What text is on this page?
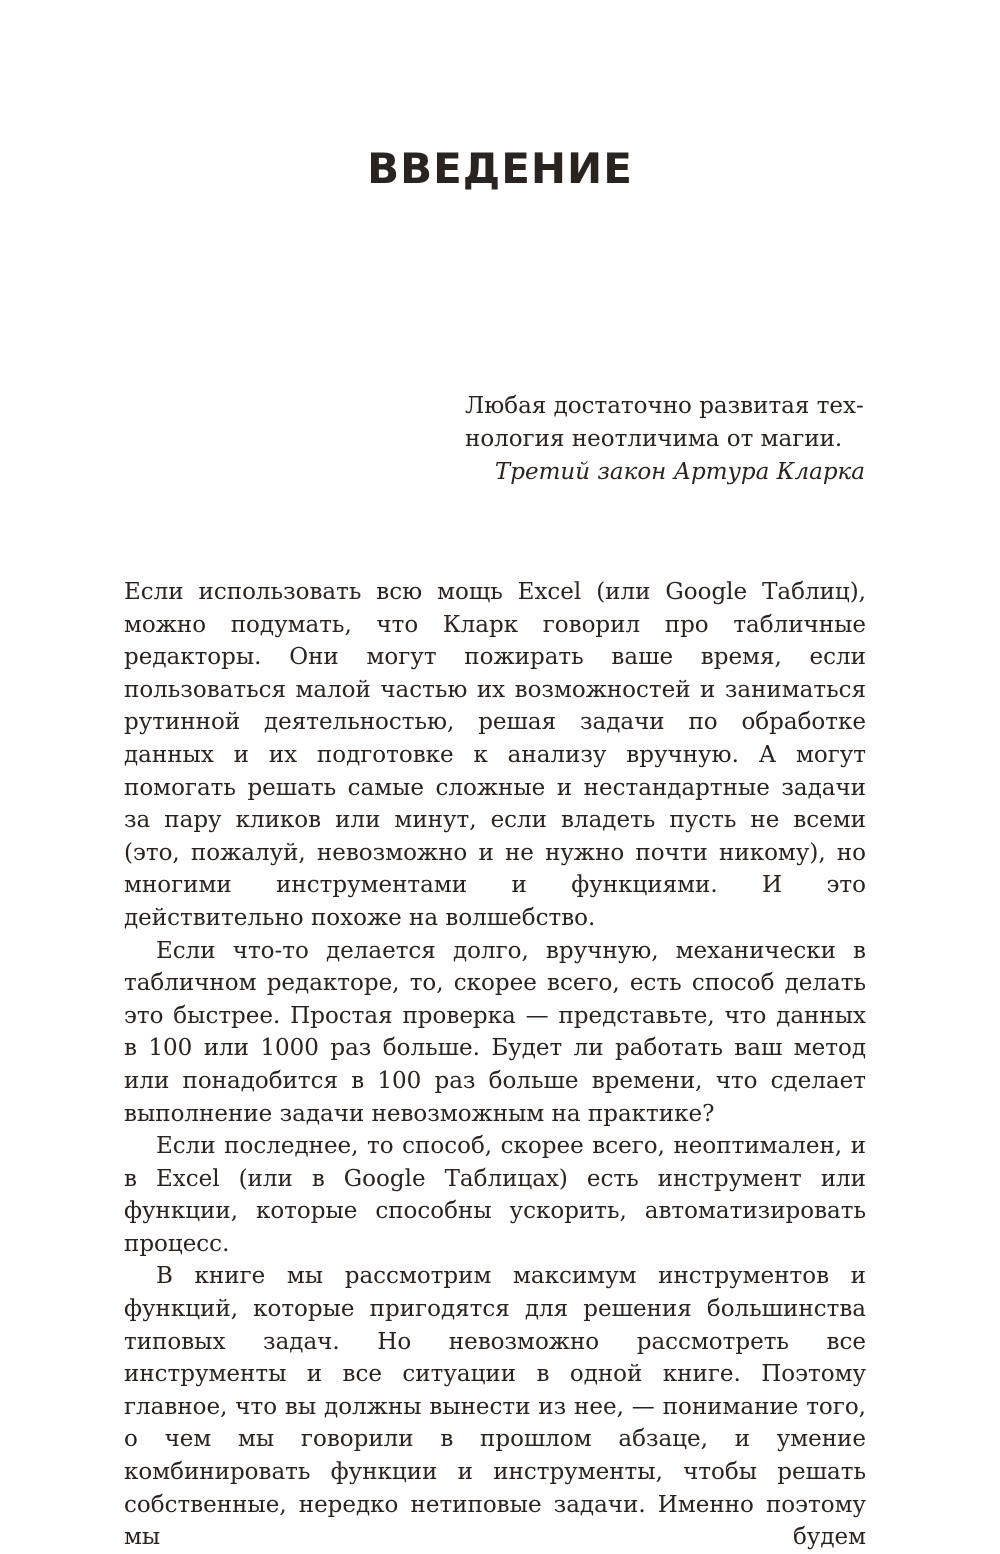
ВВЕДЕНИЕ
Любая достаточно развитая тех-
нология неотличима от магии.
Третий закон Артура Кларка

Если использовать всю мощь Excel (или Google Таблиц), можно подумать, что Кларк говорил про табличные редакторы. Они могут пожирать ваше время, если пользоваться малой частью их возможностей и заниматься рутинной деятельностью, решая задачи по обработке данных и их подготовке к анализу вручную. А могут помогать решать самые сложные и нестандартные задачи за пару кликов или минут, если владеть пусть не всеми (это, пожалуй, невозможно и не нужно почти никому), но многими инструментами и функциями. И это действительно похоже на волшебство.

Если что-то делается долго, вручную, механически в табличном редакторе, то, скорее всего, есть способ делать это быстрее. Простая проверка — представьте, что данных в 100 или 1000 раз больше. Будет ли работать ваш метод или понадобится в 100 раз больше времени, что сделает выполнение задачи невозможным на практике?

Если последнее, то способ, скорее всего, неоптимален, и в Excel (или в Google Таблицах) есть инструмент или функции, которые способны ускорить, автоматизировать процесс.

В книге мы рассмотрим максимум инструментов и функций, которые пригодятся для решения большинства типовых задач. Но невозможно рассмотреть все инструменты и все ситуации в одной книге. Поэтому главное, что вы должны вынести из нее, — понимание того, о чем мы говорили в прошлом абзаце, и умение комбинировать функции и инструменты, чтобы решать собственные, нередко нетиповые задачи. Именно поэтому мы будем
